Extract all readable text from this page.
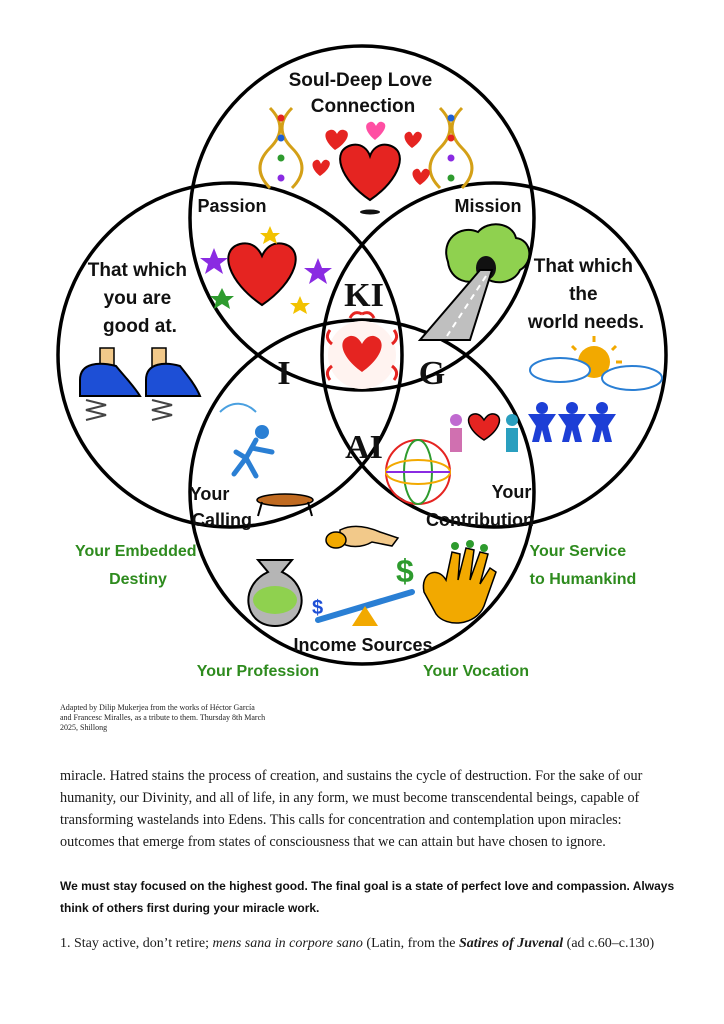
$
$
Soul-Deep Love Connection
That which you are good at.
That which the world needs.
Income Sources
Passion	Mission
Your Calling
Your Contribution
KI
I	G
AI
Your Embedded Destiny
Your Service to Humankind
Your Profession	Your Vocation
Adapted by Dilip Mukerjea from the works of Héctor García
and Francesc Miralles, as a tribute to them. Thursday 8th March
2025, Shillong

miracle. Hatred stains the process of creation, and sustains the cycle of destruction. For the sake of our humanity, our Divinity, and all of life, in any form, we must become transcendental beings, capable of transforming wastelands into Edens. This calls for concentration and contemplation upon miracles: outcomes that emerge from states of consciousness that we can attain but have chosen to ignore.

We must stay focused on the highest good. The final goal is a state of perfect love and compassion. Always think of others first during your miracle work.

1. Stay active, don’t retire; mens sana in corpore sano (Latin, from the Satires of Juvenal (ad c.60–c.130)
